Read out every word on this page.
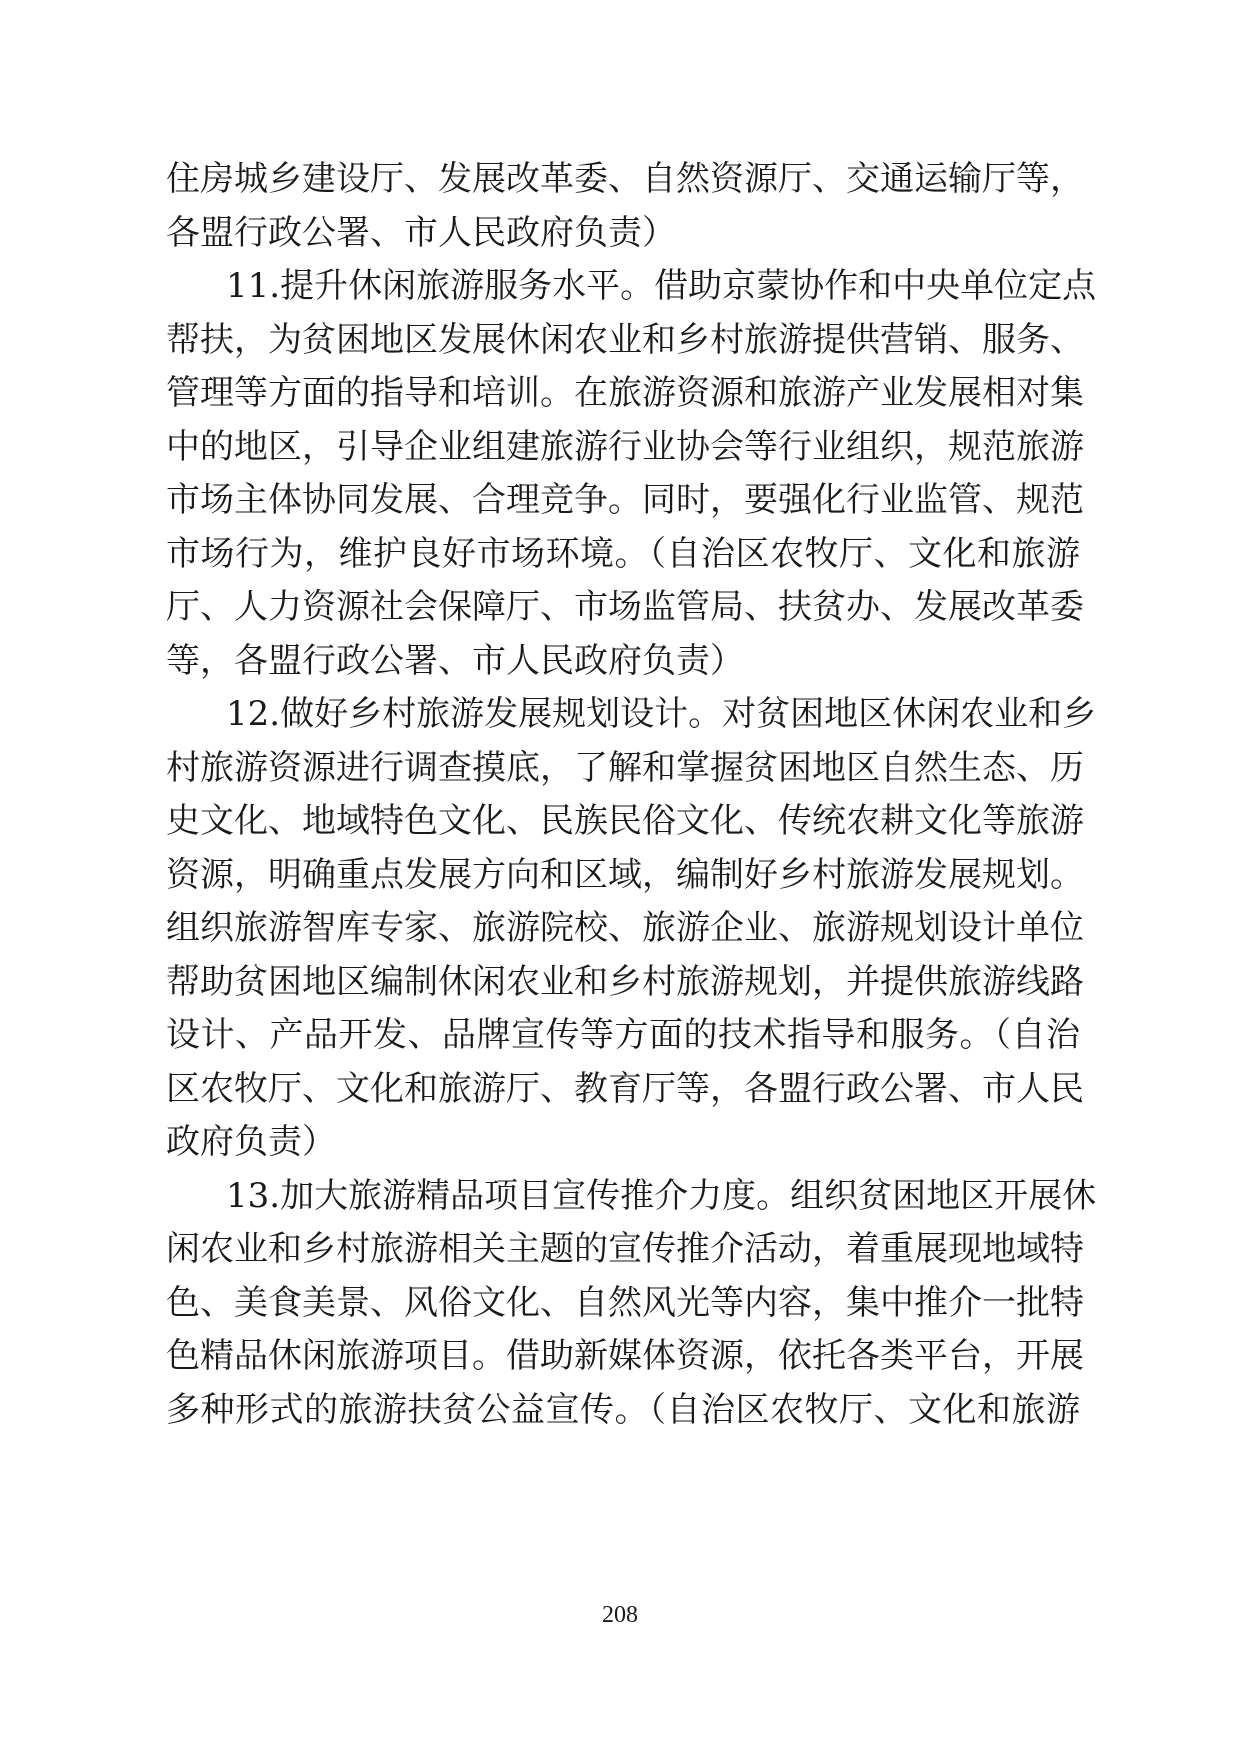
住房城乡建设厅、发展改革委、自然资源厅、交通运输厅等，
各盟行政公署、市人民政府负责）
11.提升休闲旅游服务水平。借助京蒙协作和中央单位定点
帮扶，为贫困地区发展休闲农业和乡村旅游提供营销、服务、
管理等方面的指导和培训。在旅游资源和旅游产业发展相对集
中的地区，引导企业组建旅游行业协会等行业组织，规范旅游
市场主体协同发展、合理竞争。同时，要强化行业监管、规范
市场行为，维护良好市场环境。（自治区农牧厅、文化和旅游
厅、人力资源社会保障厅、市场监管局、扶贫办、发展改革委
等，各盟行政公署、市人民政府负责）
12.做好乡村旅游发展规划设计。对贫困地区休闲农业和乡
村旅游资源进行调查摸底，了解和掌握贫困地区自然生态、历
史文化、地域特色文化、民族民俗文化、传统农耕文化等旅游
资源，明确重点发展方向和区域，编制好乡村旅游发展规划。
组织旅游智库专家、旅游院校、旅游企业、旅游规划设计单位
帮助贫困地区编制休闲农业和乡村旅游规划，并提供旅游线路
设计、产品开发、品牌宣传等方面的技术指导和服务。（自治
区农牧厅、文化和旅游厅、教育厅等，各盟行政公署、市人民
政府负责）
13.加大旅游精品项目宣传推介力度。组织贫困地区开展休
闲农业和乡村旅游相关主题的宣传推介活动，着重展现地域特
色、美食美景、风俗文化、自然风光等内容，集中推介一批特
色精品休闲旅游项目。借助新媒体资源，依托各类平台，开展
多种形式的旅游扶贫公益宣传。（自治区农牧厅、文化和旅游
208
